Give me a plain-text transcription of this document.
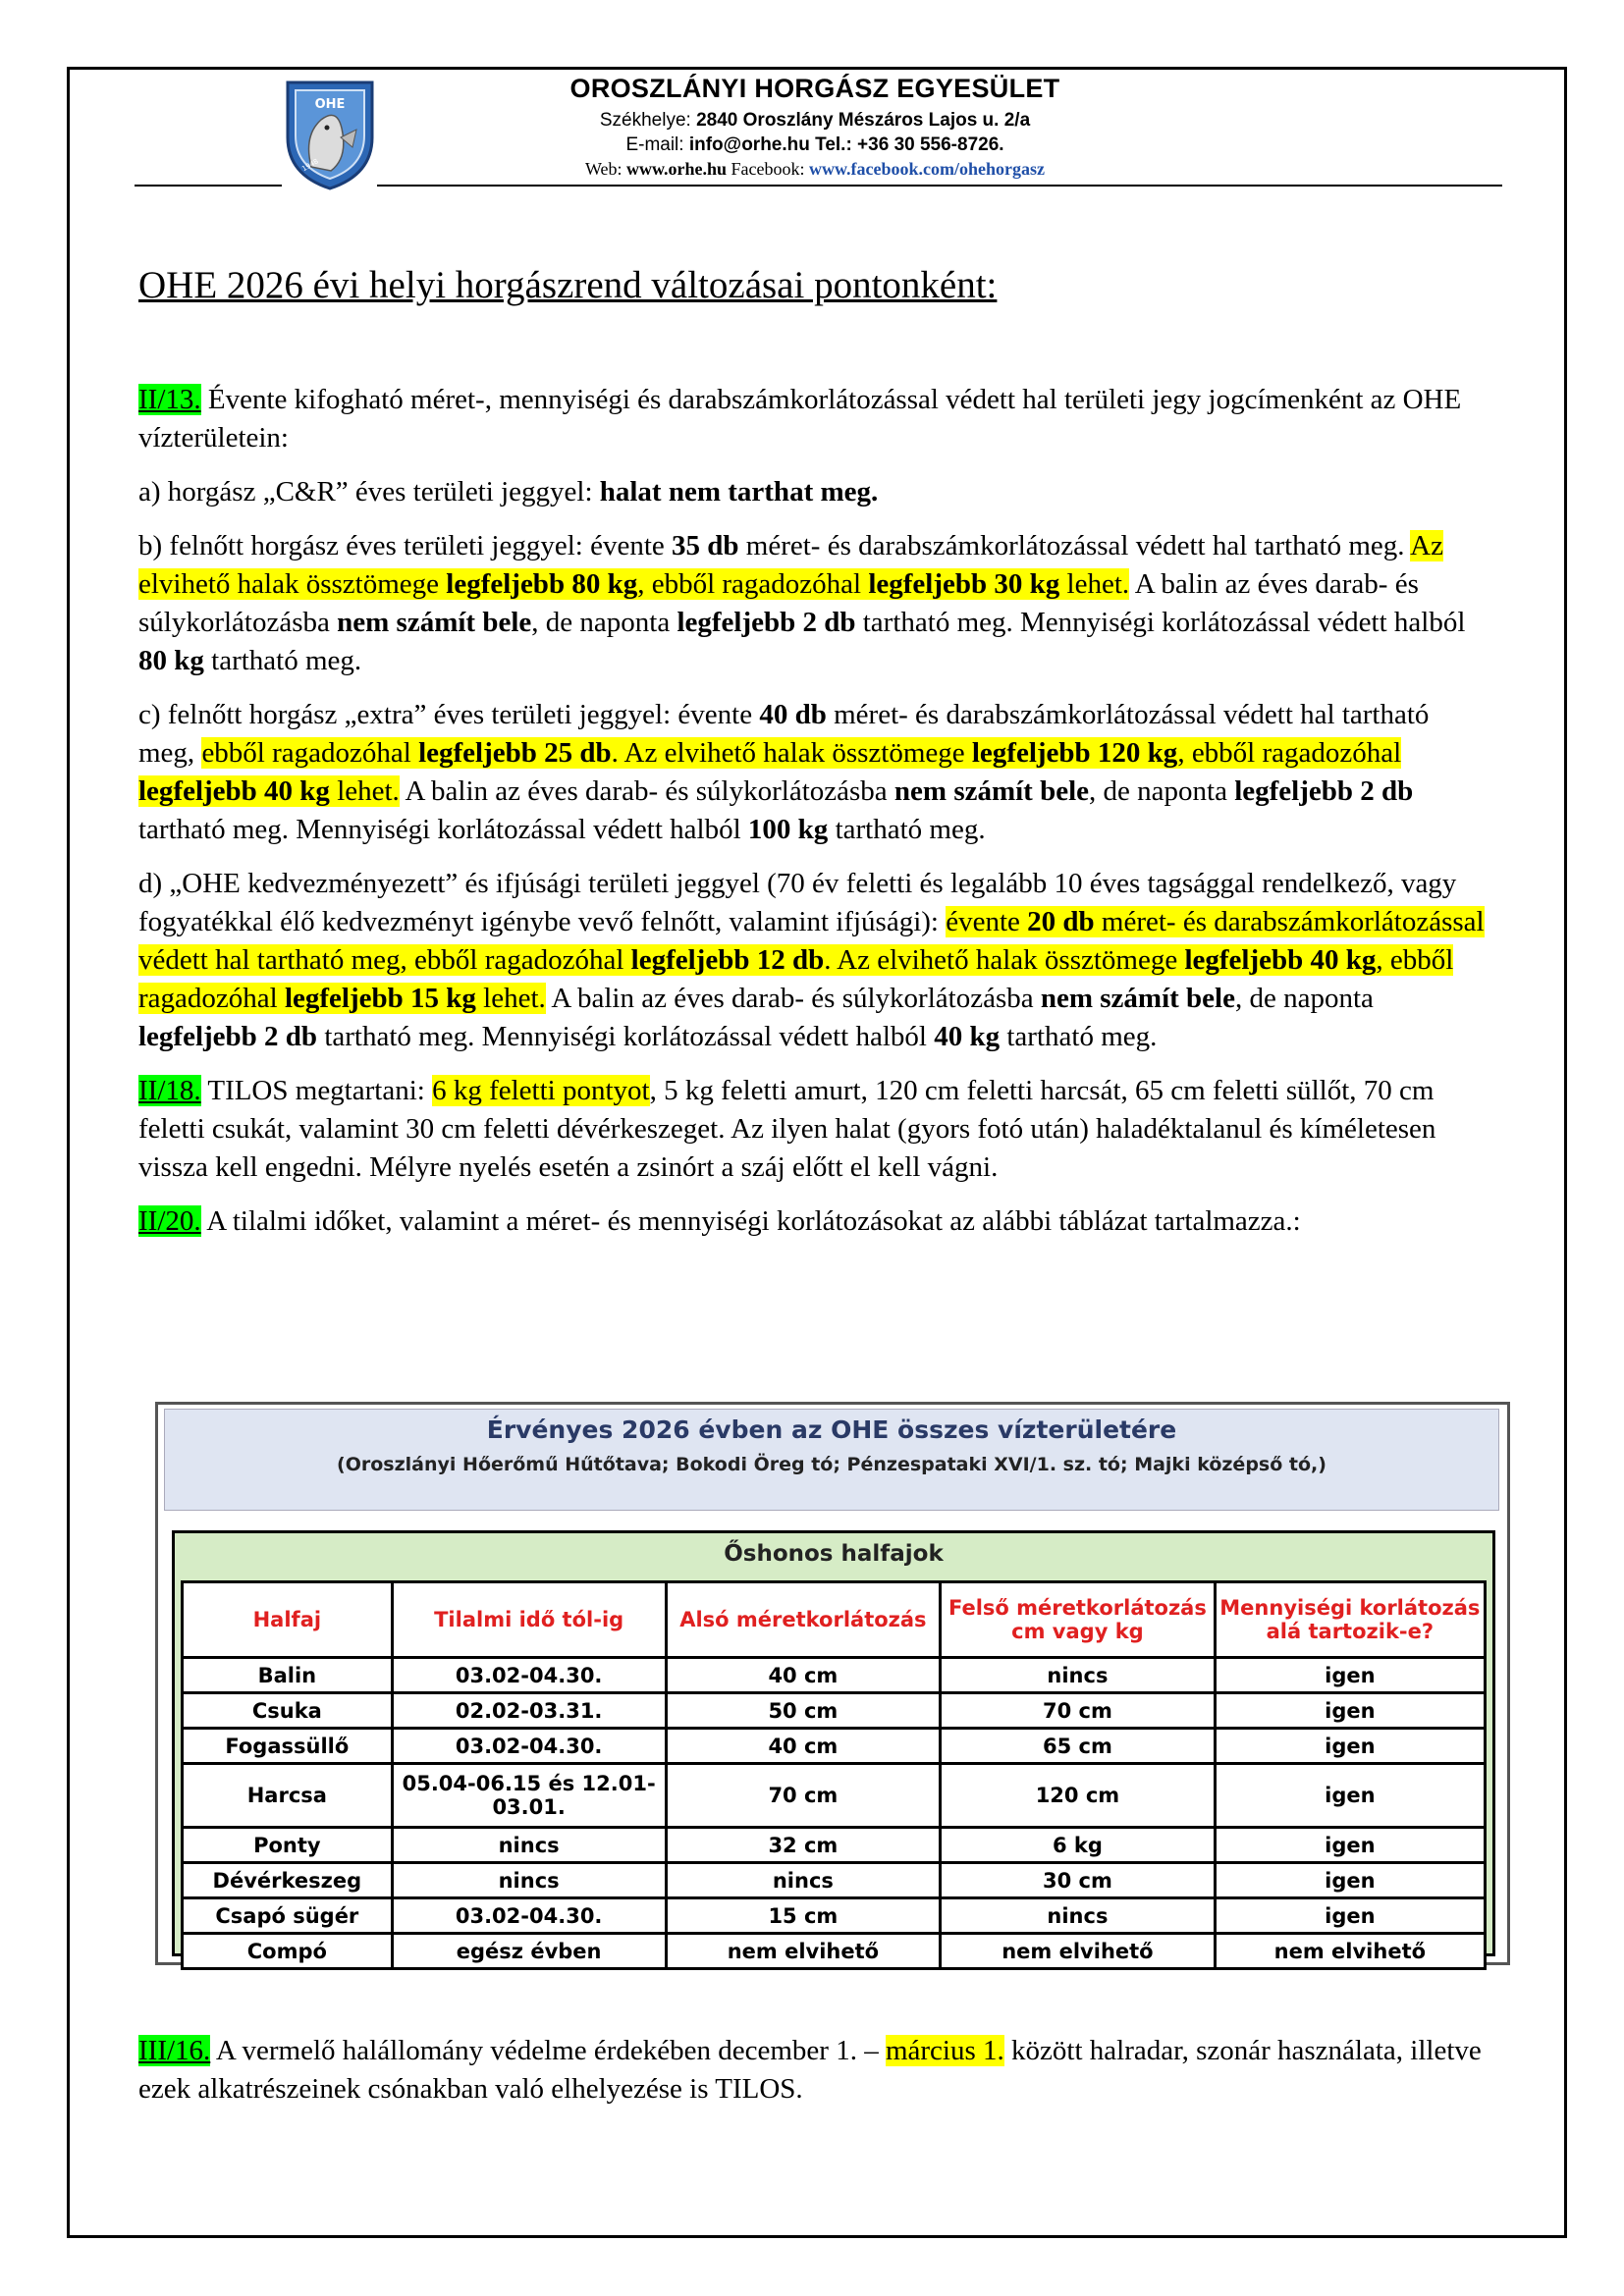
OHE
1948
OROSZLÁNYI HORGÁSZ EGYESÜLET
Székhelye: 2840 Oroszlány Mészáros Lajos u. 2/a
E-mail: info@orhe.hu Tel.: +36 30 556-8726.
Web: www.orhe.hu Facebook: www.facebook.com/ohehorgasz
OHE 2026 évi helyi horgászrend változásai pontonként:

II/13. Évente kifogható méret-, mennyiségi és darabszámkorlátozással védett hal területi jegy jogcímenként az OHE vízterületein:

a) horgász „C&R” éves területi jeggyel: halat nem tarthat meg.

b) felnőtt horgász éves területi jeggyel: évente 35 db méret- és darabszámkorlátozással védett hal tartható meg. Az elvihető halak össztömege legfeljebb 80 kg, ebből ragadozóhal legfeljebb 30 kg lehet. A balin az éves darab- és súlykorlátozásba nem számít bele, de naponta legfeljebb 2 db tartható meg. Mennyiségi korlátozással védett halból 80 kg tartható meg.

c) felnőtt horgász „extra” éves területi jeggyel: évente 40 db méret- és darabszámkorlátozással védett hal tartható meg, ebből ragadozóhal legfeljebb 25 db. Az elvihető halak össztömege legfeljebb 120 kg, ebből ragadozóhal legfeljebb 40 kg lehet. A balin az éves darab- és súlykorlátozásba nem számít bele, de naponta legfeljebb 2 db tartható meg. Mennyiségi korlátozással védett halból 100 kg tartható meg.

d) „OHE kedvezményezett” és ifjúsági területi jeggyel (70 év feletti és legalább 10 éves tagsággal rendelkező, vagy fogyatékkal élő kedvezményt igénybe vevő felnőtt, valamint ifjúsági): évente 20 db méret- és darabszámkorlátozással védett hal tartható meg, ebből ragadozóhal legfeljebb 12 db. Az elvihető halak össztömege legfeljebb 40 kg, ebből ragadozóhal legfeljebb 15 kg lehet. A balin az éves darab- és súlykorlátozásba nem számít bele, de naponta legfeljebb 2 db tartható meg. Mennyiségi korlátozással védett halból 40 kg tartható meg.

II/18. TILOS megtartani: 6 kg feletti pontyot, 5 kg feletti amurt, 120 cm feletti harcsát, 65 cm feletti süllőt, 70 cm feletti csukát, valamint 30 cm feletti dévérkeszeget. Az ilyen halat (gyors fotó után) haladéktalanul és kíméletesen vissza kell engedni. Mélyre nyelés esetén a zsinórt a száj előtt el kell vágni.

II/20. A tilalmi időket, valamint a méret- és mennyiségi korlátozásokat az alábbi táblázat tartalmazza.:

Érvényes 2026 évben az OHE összes vízterületére
(Oroszlányi Hőerőmű Hűtőtava; Bokodi Öreg tó; Pénzespataki XVI/1. sz. tó; Majki középső tó,)
Őshonos halfajok
Halfaj	Tilalmi idő tól-ig	Alsó méretkorlátozás	Felső méretkorlátozás cm vagy kg	Mennyiségi korlátozás alá tartozik-e?
Balin	03.02-04.30.	40 cm	nincs	igen
Csuka	02.02-03.31.	50 cm	70 cm	igen
Fogassüllő	03.02-04.30.	40 cm	65 cm	igen
Harcsa	05.04-06.15 és 12.01-03.01.	70 cm	120 cm	igen
Ponty	nincs	32 cm	6 kg	igen
Dévérkeszeg	nincs	nincs	30 cm	igen
Csapó sügér	03.02-04.30.	15 cm	nincs	igen
Compó	egész évben	nem elvihető	nem elvihető	nem elvihető

III/16. A vermelő halállomány védelme érdekében december 1. – március 1. között halradar, szonár használata, illetve ezek alkatrészeinek csónakban való elhelyezése is TILOS.
